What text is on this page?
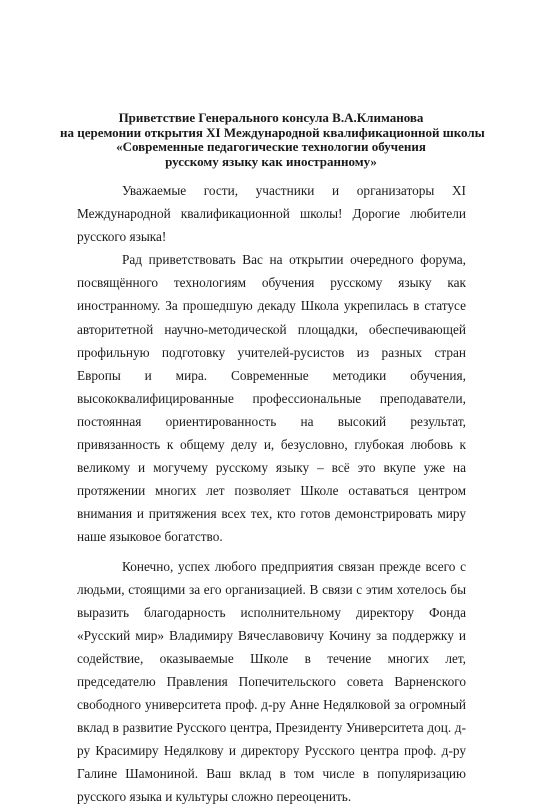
Приветствие Генерального консула В.А.Климанова
на церемонии открытия XI Международной квалификационной школы
«Современные педагогические технологии обучения
русскому языку как иностранному»

Уважаемые гости, участники и организаторы XI Международной квалификационной школы! Дорогие любители русского языка!

Рад приветствовать Вас на открытии очередного форума, посвящённого технологиям обучения русскому языку как иностранному. За прошедшую декаду Школа укрепилась в статусе авторитетной научно-методической площадки, обеспечивающей профильную подготовку учителей-русистов из разных стран Европы и мира. Современные методики обучения, высококвалифицированные профессиональные преподаватели, постоянная ориентированность на высокий результат, привязанность к общему делу и, безусловно, глубокая любовь к великому и могучему русскому языку – всё это вкупе уже на протяжении многих лет позволяет Школе оставаться центром внимания и притяжения всех тех, кто готов демонстрировать миру наше языковое богатство.

Конечно, успех любого предприятия связан прежде всего с людьми, стоящими за его организацией. В связи с этим хотелось бы выразить благодарность исполнительному директору Фонда «Русский мир» Владимиру Вячеславовичу Кочину за поддержку и содействие, оказываемые Школе в течение многих лет, председателю Правления Попечительского совета Варненского свободного университета проф. д-ру Анне Недялковой за огромный вклад в развитие Русского центра, Президенту Университета доц. д-ру Красимиру Недялкову и директору Русского центра проф. д-ру Галине Шамониной. Ваш вклад в том числе в популяризацию русского языка и культуры сложно переоценить.
